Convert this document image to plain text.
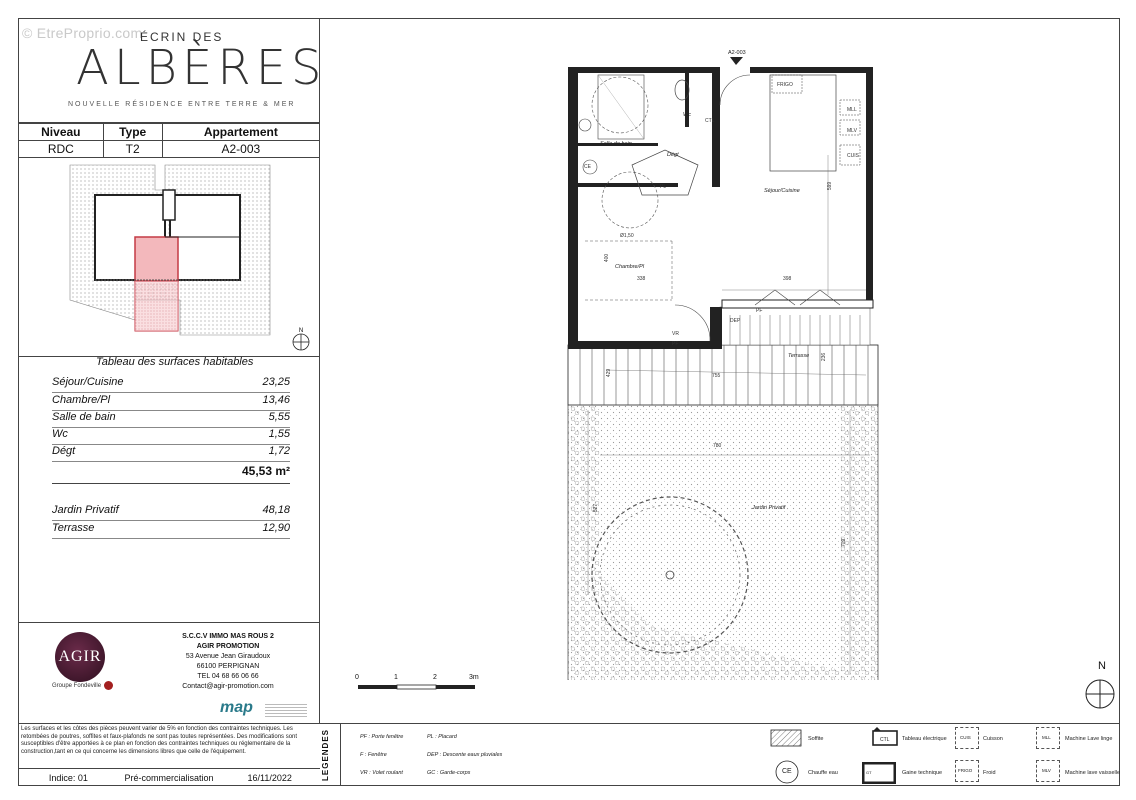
© EtreProprio.com
ÉCRIN DES
ALBÈRES
NOUVELLE RÉSIDENCE ENTRE TERRE & MER
Niveau	Type	Appartement
RDC	T2	A2-003
N
Tableau des surfaces habitables
Séjour/Cuisine	23,25
Chambre/Pl	13,46
Salle de bain	5,55
Wc	1,55
Dégt	1,72
45,53 m²
Jardin Privatif	48,18
Terrasse	12,90
AGIR
Groupe Fondeville
S.C.C.V IMMO MAS ROUS 2
AGIR PROMOTION
53 Avenue Jean Giraudoux
66100 PERPIGNAN
TEL 04 68 66 06 66
Contact@agir-promotion.com
map
Les surfaces et les côtes des pièces peuvent varier de 5% en fonction des contraintes techniques. Les retombées de poutres, soffites et faux-plafonds ne sont pas toutes représentées. Des modifications sont susceptibles d'être apportées à ce plan en fonction des contraintes techniques ou réglementaire de la construction,tant en ce qui concerne les dimensions libres que celle de l'équipement.
Indice: 01	Pré-commercialisation	16/11/2022
A2-003
Séjour/Cuisine
Chambre/Pl
Salle de bain
Wc
Dégt
Terrasse
Jardin Privatif
FRIGO
MLL
MLV
CUIS
CE
PL
PF
VR
PF
DEP
CTL
599
398
400
338
755
780
527
709
429
236
Ø1,50
0	1	2	3m
N
LEGENDES	PF : Porte fenêtre
F : Fenêtre
VR : Volet roulant
PL : Placard
DEP : Descente eaux pluviales
GC : Garde-corps
Soffite	CTL Tableau électrique	CUIS Cuisson	MLL	Machine Lave linge
CE	Chauffe eau	GT	Gaine technique	FRIGO Froid	MLV	Machine lave vaisselle
